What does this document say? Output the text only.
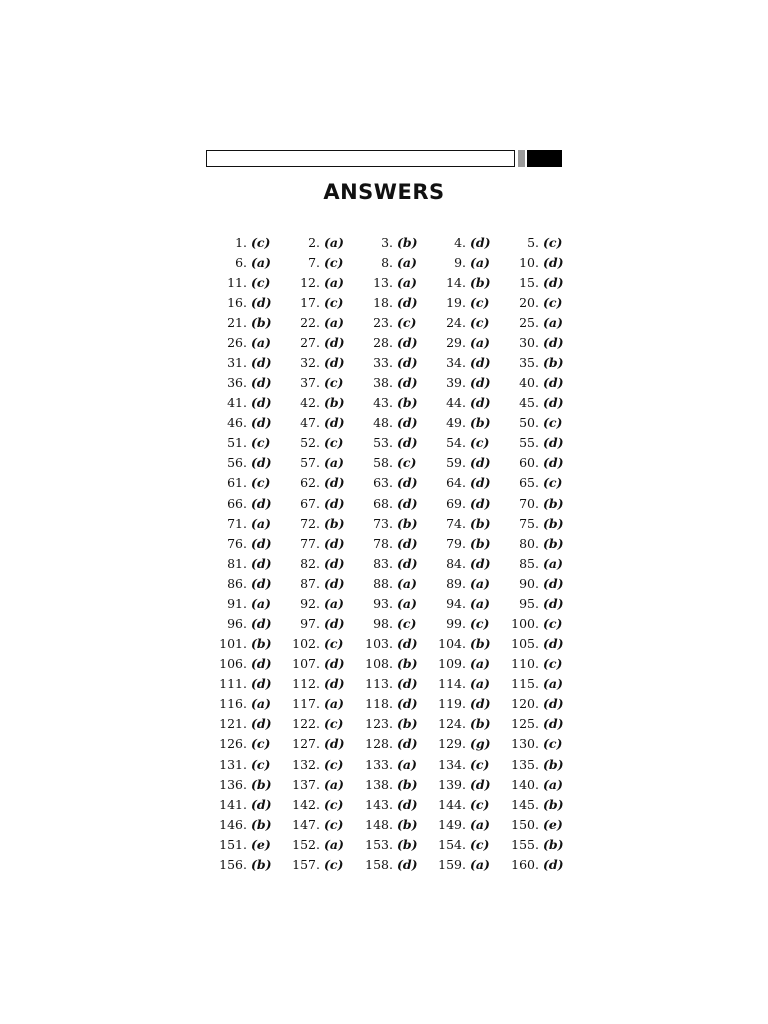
ANSWERS
1. (c)	2. (a)	3. (b)	4. (d)	5. (c)
6. (a)	7. (c)	8. (a)	9. (a)	10. (d)
11. (c)	12. (a)	13. (a)	14. (b)	15. (d)
16. (d)	17. (c)	18. (d)	19. (c)	20. (c)
21. (b)	22. (a)	23. (c)	24. (c)	25. (a)
26. (a)	27. (d)	28. (d)	29. (a)	30. (d)
31. (d)	32. (d)	33. (d)	34. (d)	35. (b)
36. (d)	37. (c)	38. (d)	39. (d)	40. (d)
41. (d)	42. (b)	43. (b)	44. (d)	45. (d)
46. (d)	47. (d)	48. (d)	49. (b)	50. (c)
51. (c)	52. (c)	53. (d)	54. (c)	55. (d)
56. (d)	57. (a)	58. (c)	59. (d)	60. (d)
61. (c)	62. (d)	63. (d)	64. (d)	65. (c)
66. (d)	67. (d)	68. (d)	69. (d)	70. (b)
71. (a)	72. (b)	73. (b)	74. (b)	75. (b)
76. (d)	77. (d)	78. (d)	79. (b)	80. (b)
81. (d)	82. (d)	83. (d)	84. (d)	85. (a)
86. (d)	87. (d)	88. (a)	89. (a)	90. (d)
91. (a)	92. (a)	93. (a)	94. (a)	95. (d)
96. (d)	97. (d)	98. (c)	99. (c)	100. (c)
101. (b)	102. (c)	103. (d)	104. (b)	105. (d)
106. (d)	107. (d)	108. (b)	109. (a)	110. (c)
111. (d)	112. (d)	113. (d)	114. (a)	115. (a)
116. (a)	117. (a)	118. (d)	119. (d)	120. (d)
121. (d)	122. (c)	123. (b)	124. (b)	125. (d)
126. (c)	127. (d)	128. (d)	129. (g)	130. (c)
131. (c)	132. (c)	133. (a)	134. (c)	135. (b)
136. (b)	137. (a)	138. (b)	139. (d)	140. (a)
141. (d)	142. (c)	143. (d)	144. (c)	145. (b)
146. (b)	147. (c)	148. (b)	149. (a)	150. (e)
151. (e)	152. (a)	153. (b)	154. (c)	155. (b)
156. (b)	157. (c)	158. (d)	159. (a)	160. (d)
